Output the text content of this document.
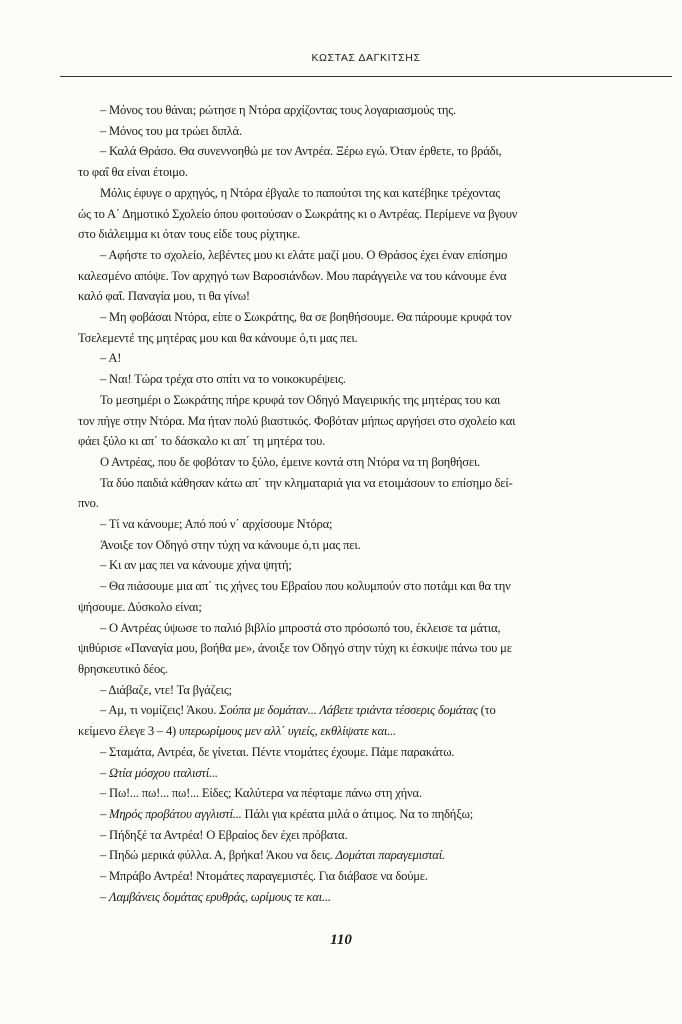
ΚΩΣΤΑΣ ΔΑΓΚΙΤΣΗΣ

– Μόνος του θάναι; ρώτησε η Ντόρα αρχίζοντας τους λογαριασμούς της.

– Μόνος του μα τρώει διπλά.

– Καλά Θράσο. Θα συνεννοηθώ με τον Αντρέα. Ξέρω εγώ. Όταν έρθετε, το βράδι,

το φαΐ θα είναι έτοιμο.

Μόλις έφυγε ο αρχηγός, η Ντόρα έβγαλε το παπούτσι της και κατέβηκε τρέχοντας

ώς το Α΄ Δημοτικό Σχολείο όπου φοιτούσαν ο Σωκράτης κι ο Αντρέας. Περίμενε να βγουν

στο διάλειμμα κι όταν τους είδε τους ρίχτηκε.

– Αφήστε το σχολείο, λεβέντες μου κι ελάτε μαζί μου. Ο Θράσος έχει έναν επίσημο

καλεσμένο απόψε. Τον αρχηγό των Βαροσιάνδων. Μου παράγγειλε να του κάνουμε ένα

καλό φαΐ. Παναγία μου, τι θα γίνω!

– Μη φοβάσαι Ντόρα, είπε ο Σωκράτης, θα σε βοηθήσουμε. Θα πάρουμε κρυφά τον

Τσελεμεντέ της μητέρας μου και θα κάνουμε ό,τι μας πει.

– Α!

– Ναι! Τώρα τρέχα στο σπίτι να το νοικοκυρέψεις.

Το μεσημέρι ο Σωκράτης πήρε κρυφά τον Οδηγό Μαγειρικής της μητέρας του και

τον πήγε στην Ντόρα. Μα ήταν πολύ βιαστικός. Φοβόταν μήπως αργήσει στο σχολείο και

φάει ξύλο κι απ΄ το δάσκαλο κι απ΄ τη μητέρα του.

Ο Αντρέας, που δε φοβόταν το ξύλο, έμεινε κοντά στη Ντόρα να τη βοηθήσει.

Τα δύο παιδιά κάθησαν κάτω απ΄ την κληματαριά για να ετοιμάσουν το επίσημο δεί-

πνο.

– Τί να κάνουμε; Από πού ν΄ αρχίσουμε Ντόρα;

Άνοιξε τον Οδηγό στην τύχη να κάνουμε ό,τι μας πει.

– Κι αν μας πει να κάνουμε χήνα ψητή;

– Θα πιάσουμε μια απ΄ τις χήνες του Εβραίου που κολυμπούν στο ποτάμι και θα την

ψήσουμε. Δύσκολο είναι;

– Ο Αντρέας ύψωσε το παλιό βιβλίο μπροστά στο πρόσωπό του, έκλεισε τα μάτια,

ψιθύρισε «Παναγία μου, βοήθα με», άνοιξε τον Οδηγό στην τύχη κι έσκυψε πάνω του με

θρησκευτικό δέος.

– Διάβαζε, ντε! Τα βγάζεις;

– Αμ, τι νομίζεις! Άκου. Σούπα με δομάταν... Λάβετε τριάντα τέσσερις δομάτας (το

κείμενο έλεγε 3 – 4) υπερωρίμους μεν αλλ΄ υγιείς, εκθλίψατε και...

– Σταμάτα, Αντρέα, δε γίνεται. Πέντε ντομάτες έχουμε. Πάμε παρακάτω.

– Ωτία μόσχου ιταλιστί...

– Πω!... πω!... πω!... Είδες; Καλύτερα να πέφταμε πάνω στη χήνα.

– Μηρός προβάτου αγγλιστί... Πάλι για κρέατα μιλά ο άτιμος. Να το πηδήξω;

– Πήδηξέ τα Αντρέα! Ο Εβραίος δεν έχει πρόβατα.

– Πηδώ μερικά φύλλα. Α, βρήκα! Άκου να δεις. Δομάται παραγεμισταί.

– Μπράβο Αντρέα! Ντομάτες παραγεμιστές. Για διάβασε να δούμε.

– Λαμβάνεις δομάτας ερυθράς, ωρίμους τε και...

110
